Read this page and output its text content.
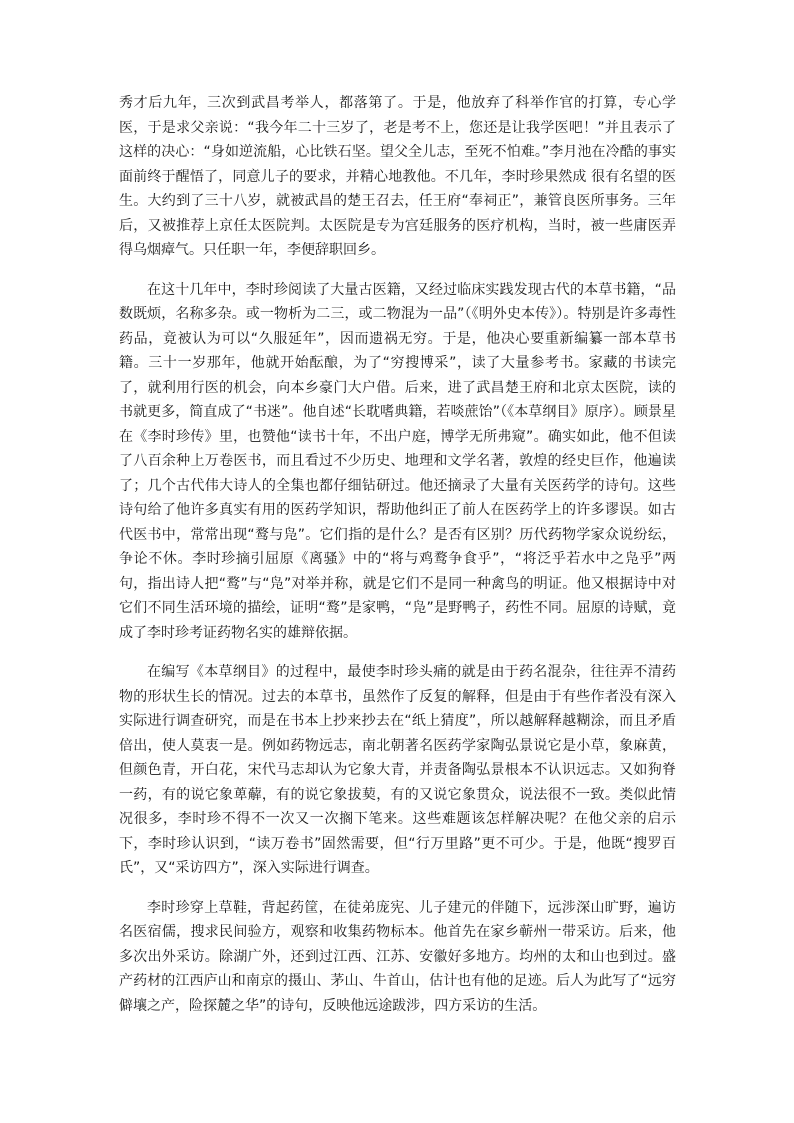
秀才后九年，三次到武昌考举人，都落第了。于是，他放弃了科举作官的打算，专心学医，于是求父亲说：“我今年二十三岁了，老是考不上，您还是让我学医吧！”并且表示了这样的决心：“身如逆流船，心比铁石坚。望父全儿志，至死不怕难。”李月池在冷酷的事实面前终于醒悟了，同意儿子的要求，并精心地教他。不几年，李时珍果然成 很有名望的医生。大约到了三十八岁，就被武昌的楚王召去，任王府“奉祠正”，兼管良医所事务。三年后，又被推荐上京任太医院判。太医院是专为宫廷服务的医疗机构，当时，被一些庸医弄得乌烟瘴气。只任职一年，李便辞职回乡。

在这十几年中，李时珍阅读了大量古医籍，又经过临床实践发现古代的本草书籍，“品数既烦，名称多杂。或一物析为二三，或二物混为一品”（《明外史本传》）。特别是许多毒性药品，竟被认为可以“久服延年”，因而遗祸无穷。于是，他决心要重新编纂一部本草书籍。三十一岁那年，他就开始酝酿，为了“穷搜博采”，读了大量参考书。家藏的书读完了，就利用行医的机会，向本乡豪门大户借。后来，进了武昌楚王府和北京太医院，读的书就更多，简直成了“书迷”。他自述“长耽嗜典籍，若啖蔗饴”（《本草纲目》原序）。顾景星在《李时珍传》里，也赞他“读书十年，不出户庭，博学无所弗窥”。确实如此，他不但读了八百余种上万卷医书，而且看过不少历史、地理和文学名著，敦煌的经史巨作，他遍读了；几个古代伟大诗人的全集也都仔细钻研过。他还摘录了大量有关医药学的诗句。这些诗句给了他许多真实有用的医药学知识，帮助他纠正了前人在医药学上的许多谬误。如古代医书中，常常出现“鹜与凫”。它们指的是什么？是否有区别？历代药物学家众说纷纭，争论不休。李时珍摘引屈原《离骚》中的“将与鸡鹜争食乎”，“将泛乎若水中之凫乎”两句，指出诗人把“鹜”与“凫”对举并称，就是它们不是同一种禽鸟的明证。他又根据诗中对它们不同生活环境的描绘，证明“鹜”是家鸭，“凫”是野鸭子，药性不同。屈原的诗赋，竟成了李时珍考证药物名实的雄辩依据。

在编写《本草纲目》的过程中，最使李时珍头痛的就是由于药名混杂，往往弄不清药物的形状生长的情况。过去的本草书，虽然作了反复的解释，但是由于有些作者没有深入实际进行调查研究，而是在书本上抄来抄去在“纸上猜度”，所以越解释越糊涂，而且矛盾倍出，使人莫衷一是。例如药物远志，南北朝著名医药学家陶弘景说它是小草，象麻黄，但颜色青，开白花，宋代马志却认为它象大青，并责备陶弘景根本不认识远志。又如狗脊一药，有的说它象萆薢，有的说它象拔葜，有的又说它象贯众，说法很不一致。类似此情况很多，李时珍不得不一次又一次搁下笔来。这些难题该怎样解决呢？在他父亲的启示下，李时珍认识到，“读万卷书”固然需要，但“行万里路”更不可少。于是，他既“搜罗百氏”，又“采访四方”，深入实际进行调查。

李时珍穿上草鞋，背起药筐，在徒弟庞宪、儿子建元的伴随下，远涉深山旷野，遍访名医宿儒，搜求民间验方，观察和收集药物标本。他首先在家乡蕲州一带采访。后来，他多次出外采访。除湖广外，还到过江西、江苏、安徽好多地方。均州的太和山也到过。盛产药材的江西庐山和南京的摄山、茅山、牛首山，估计也有他的足迹。后人为此写了“远穷僻壤之产，险探麓之华”的诗句，反映他远途跋涉，四方采访的生活。
